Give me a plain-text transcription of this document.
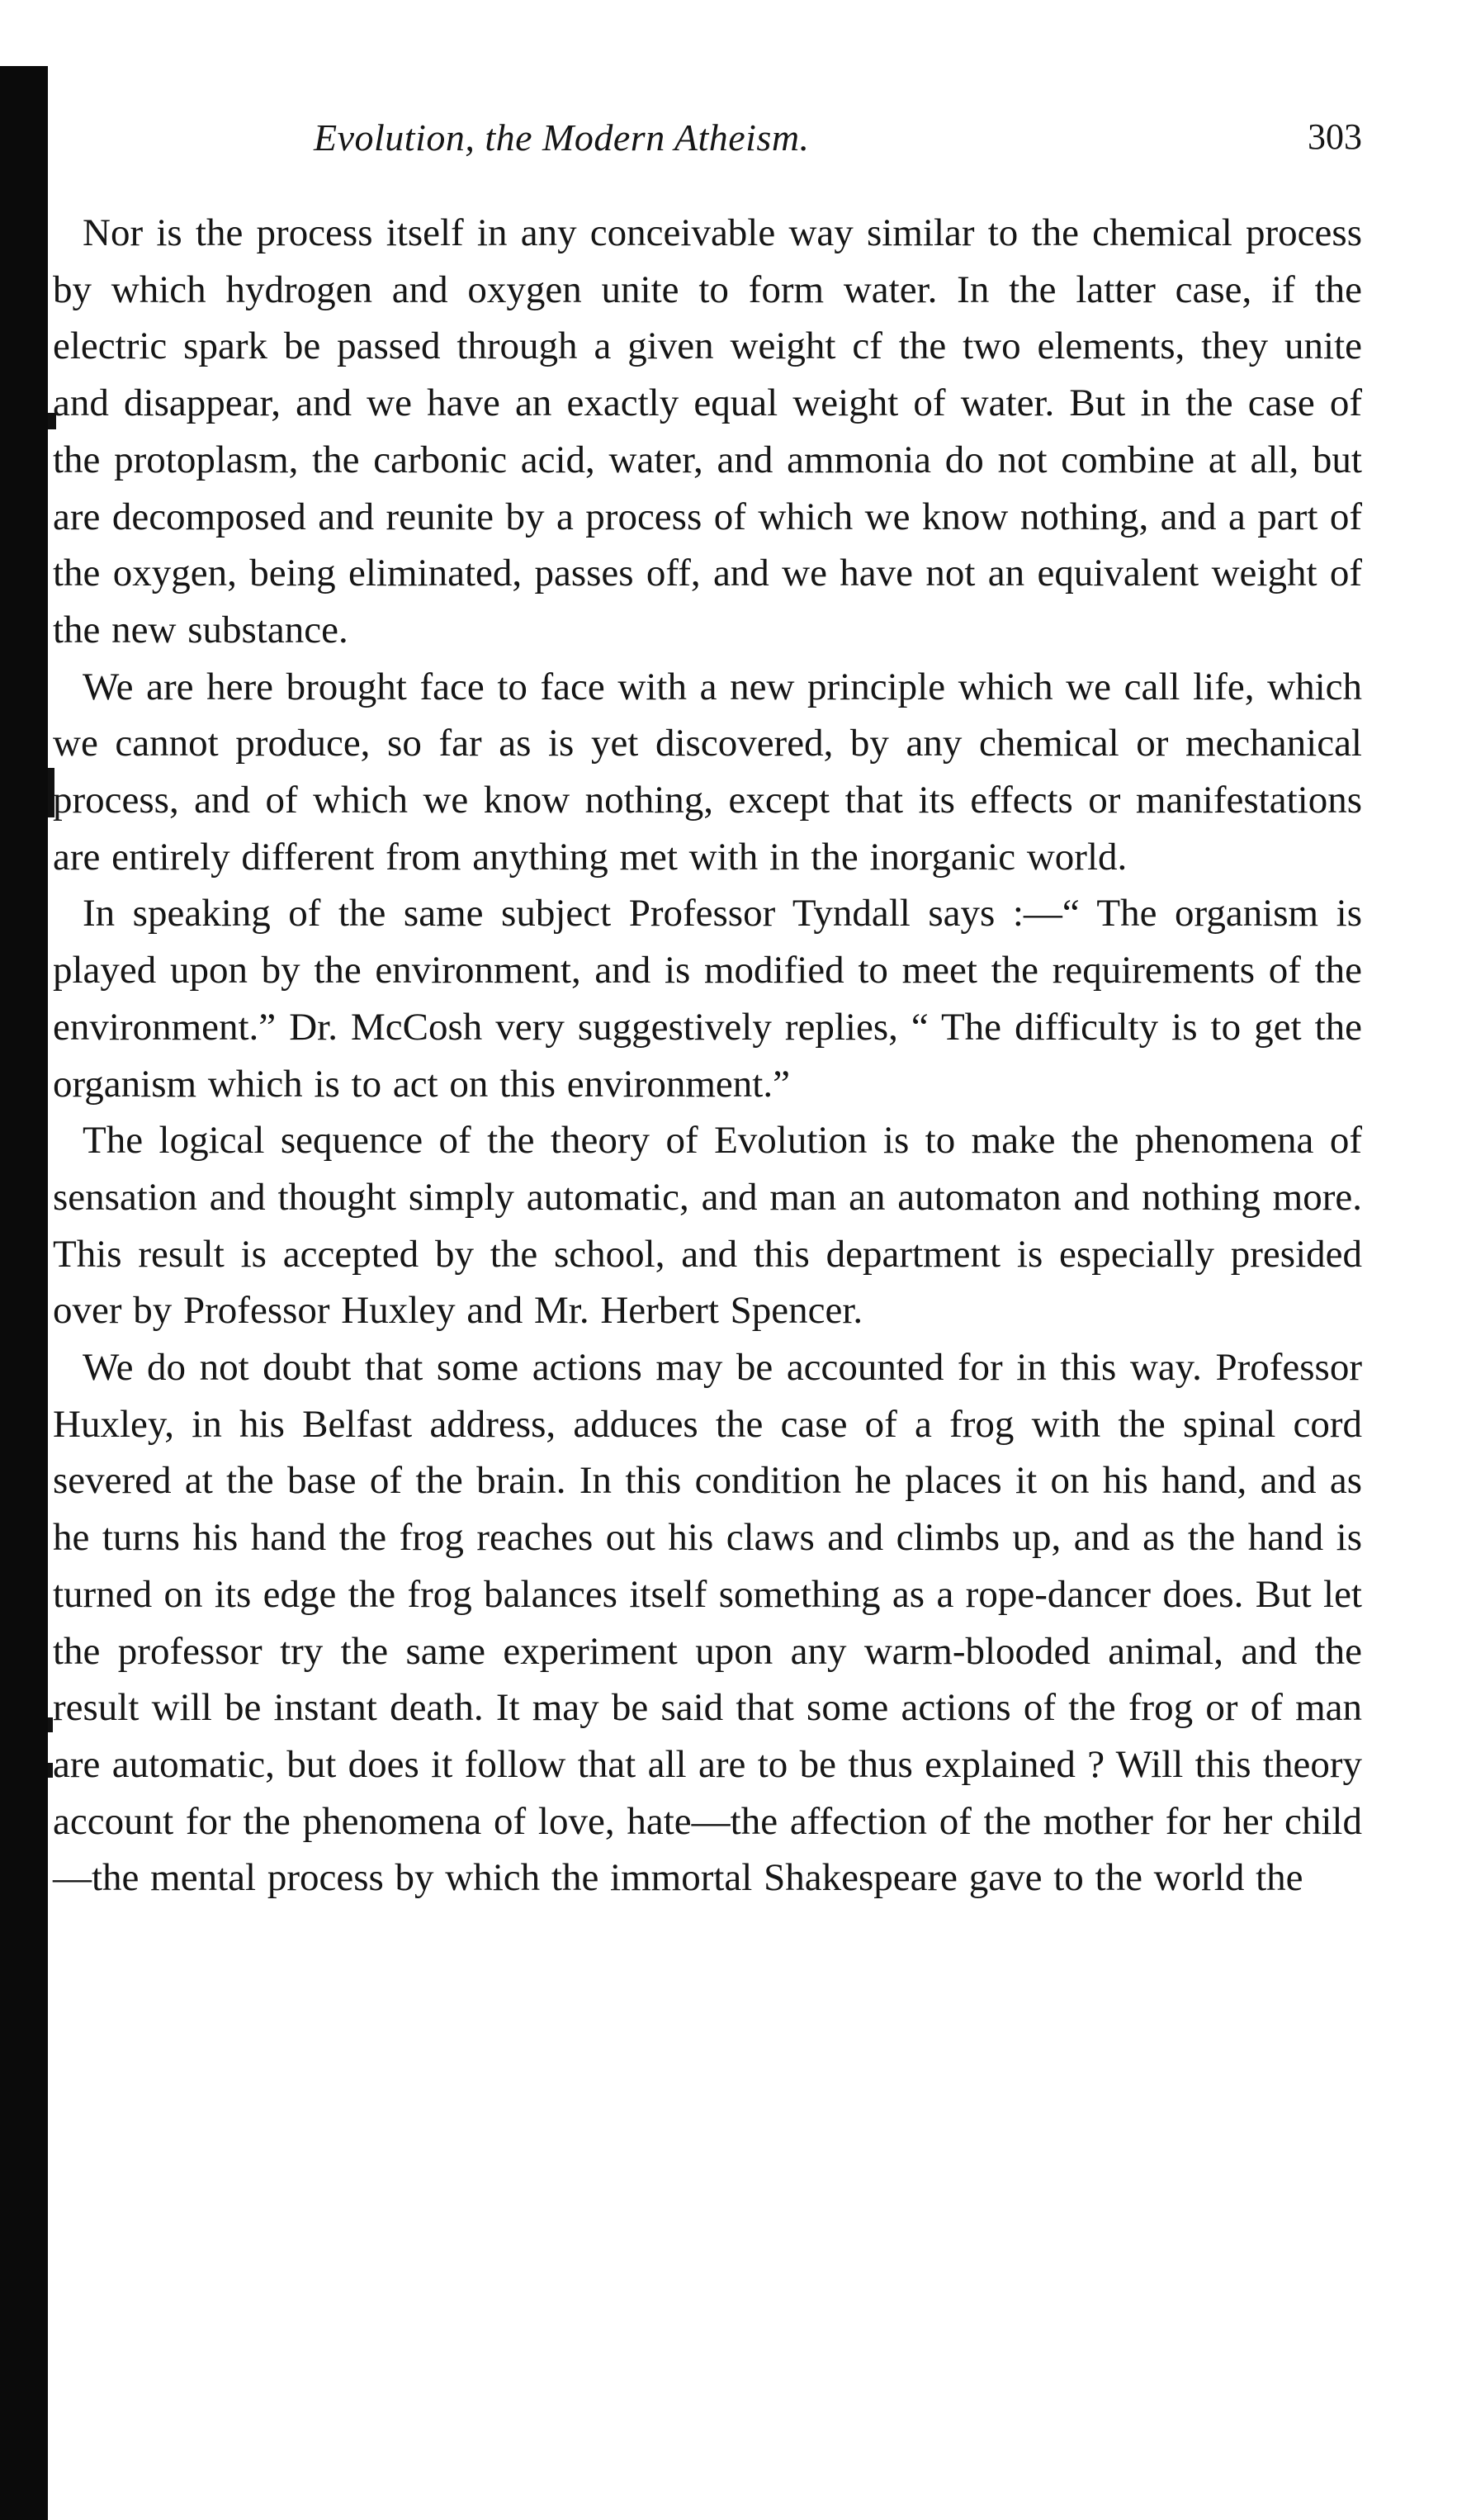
Evolution, the Modern Atheism.	303

Nor is the process itself in any conceivable way similar to the chemical process by which hydrogen and oxygen unite to form water. In the latter case, if the electric spark be passed through a given weight cf the two elements, they unite and disappear, and we have an exactly equal weight of water. But in the case of the protoplasm, the carbonic acid, water, and ammonia do not combine at all, but are decomposed and reunite by a process of which we know nothing, and a part of the oxygen, being eliminated, passes off, and we have not an equivalent weight of the new substance.

We are here brought face to face with a new principle which we call life, which we cannot produce, so far as is yet discovered, by any chemical or mechanical process, and of which we know nothing, except that its effects or manifestations are entirely different from anything met with in the inorganic world.

In speaking of the same subject Professor Tyndall says :—“ The organism is played upon by the environment, and is modified to meet the requirements of the environment.” Dr. McCosh very suggestively replies, “ The difficulty is to get the organism which is to act on this environment.”

The logical sequence of the theory of Evolution is to make the phenomena of sensation and thought simply automatic, and man an automaton and nothing more. This result is accepted by the school, and this department is especially presided over by Professor Huxley and Mr. Herbert Spencer.

We do not doubt that some actions may be accounted for in this way. Professor Huxley, in his Belfast address, adduces the case of a frog with the spinal cord severed at the base of the brain. In this condition he places it on his hand, and as he turns his hand the frog reaches out his claws and climbs up, and as the hand is turned on its edge the frog balances itself something as a rope-dancer does. But let the professor try the same experiment upon any warm-blooded animal, and the result will be instant death. It may be said that some actions of the frog or of man are automatic, but does it follow that all are to be thus explained ? Will this theory account for the phenomena of love, hate—the affection of the mother for her child—the mental process by which the immortal Shakespeare gave to the world the
